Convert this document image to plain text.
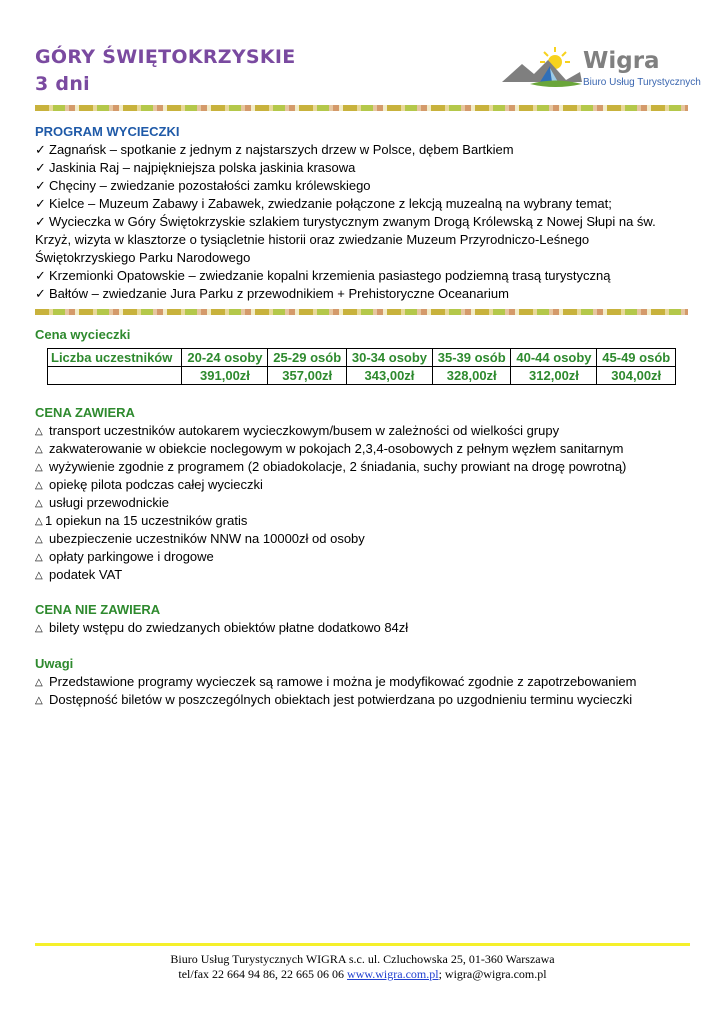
GÓRY ŚWIĘTOKRZYSKIE
3 dni
Wigra
Biuro Usług Turystycznych
PROGRAM WYCIECZKI
✓ Zagnańsk – spotkanie z jednym z najstarszych drzew w Polsce, dębem Bartkiem
✓ Jaskinia Raj – najpiękniejsza polska jaskinia krasowa
✓ Chęciny – zwiedzanie pozostałości zamku królewskiego
✓ Kielce – Muzeum Zabawy i Zabawek, zwiedzanie połączone z lekcją muzealną na wybrany temat;
✓ Wycieczka w Góry Świętokrzyskie szlakiem turystycznym zwanym Drogą Królewską z Nowej Słupi na św.
Krzyż, wizyta w klasztorze o tysiącletnie historii oraz zwiedzanie Muzeum Przyrodniczo-Leśnego
Świętokrzyskiego Parku Narodowego
✓ Krzemionki Opatowskie – zwiedzanie kopalni krzemienia pasiastego podziemną trasą turystyczną
✓ Bałtów – zwiedzanie Jura Parku z przewodnikiem + Prehistoryczne Oceanarium
Cena wycieczki
Liczba uczestników	20-24 osoby	25-29 osób	30-34 osoby	35-39 osób	40-44 osoby	45-49 osób
	391,00zł	357,00zł	343,00zł	328,00zł	312,00zł	304,00zł
CENA ZAWIERA
△ transport uczestników autokarem wycieczkowym/busem w zależności od wielkości grupy
△ zakwaterowanie w obiekcie noclegowym w pokojach 2,3,4-osobowych z pełnym węzłem sanitarnym
△ wyżywienie zgodnie z programem (2 obiadokolacje, 2 śniadania, suchy prowiant na drogę powrotną)
△ opiekę pilota podczas całej wycieczki
△ usługi przewodnickie
△ 1 opiekun na 15 uczestników gratis
△ ubezpieczenie uczestników NNW na 10000zł od osoby
△ opłaty parkingowe i drogowe
△ podatek VAT
CENA NIE ZAWIERA
△ bilety wstępu do zwiedzanych obiektów płatne dodatkowo 84zł
Uwagi
△ Przedstawione programy wycieczek są ramowe i można je modyfikować zgodnie z zapotrzebowaniem
△ Dostępność biletów w poszczególnych obiektach jest potwierdzana po uzgodnieniu terminu wycieczki
Biuro Usług Turystycznych WIGRA s.c. ul. Czluchowska 25, 01-360 Warszawa
tel/fax 22 664 94 86, 22 665 06 06 www.wigra.com.pl; wigra@wigra.com.pl
